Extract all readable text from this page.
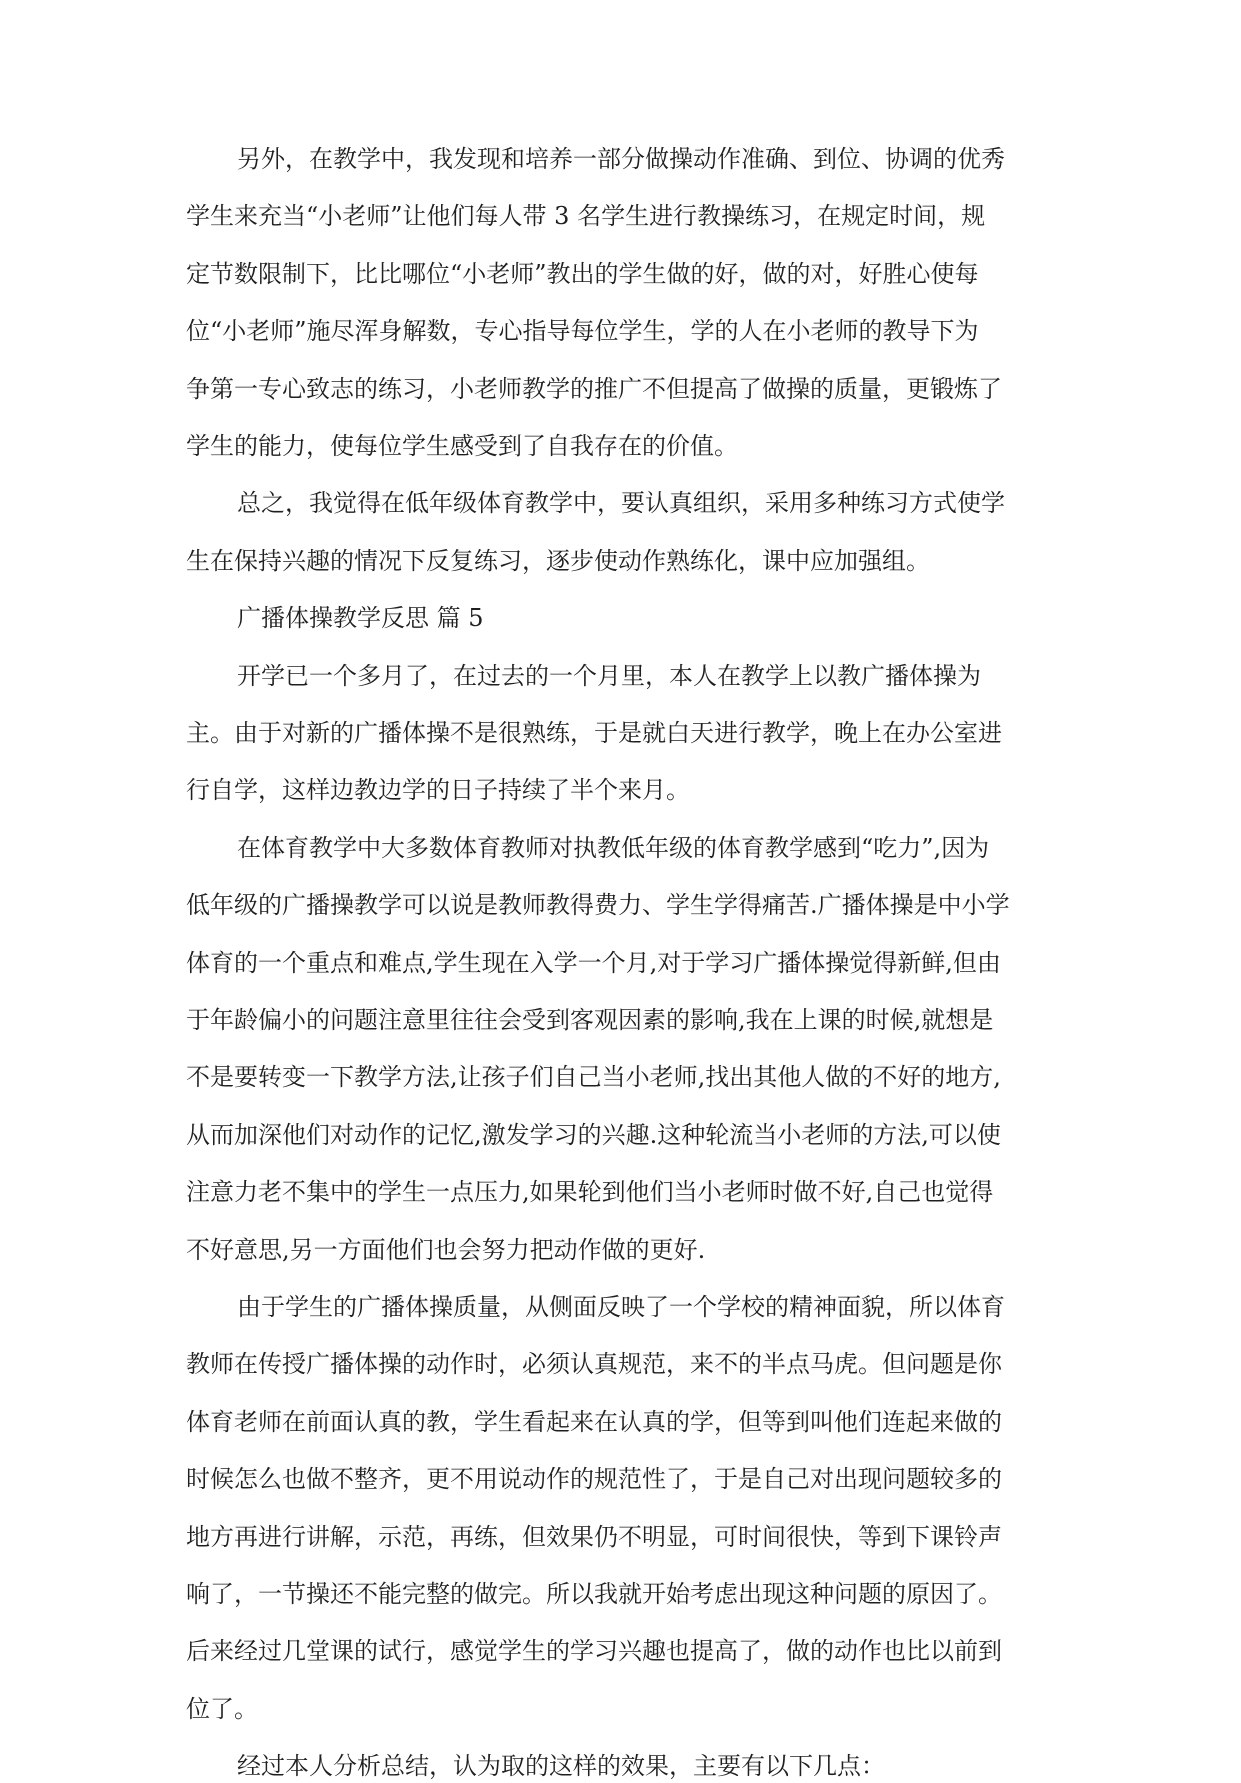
另外，在教学中，我发现和培养一部分做操动作准确、到位、协调的优秀

学生来充当“小老师”让他们每人带 3 名学生进行教操练习，在规定时间，规

定节数限制下，比比哪位“小老师”教出的学生做的好，做的对，好胜心使每

位“小老师”施尽浑身解数，专心指导每位学生，学的人在小老师的教导下为

争第一专心致志的练习，小老师教学的推广不但提高了做操的质量，更锻炼了

学生的能力，使每位学生感受到了自我存在的价值。

总之，我觉得在低年级体育教学中，要认真组织，采用多种练习方式使学

生在保持兴趣的情况下反复练习，逐步使动作熟练化，课中应加强组。

广播体操教学反思 篇 5

开学已一个多月了，在过去的一个月里，本人在教学上以教广播体操为

主。由于对新的广播体操不是很熟练，于是就白天进行教学，晚上在办公室进

行自学，这样边教边学的日子持续了半个来月。

在体育教学中大多数体育教师对执教低年级的体育教学感到“吃力”,因为

低年级的广播操教学可以说是教师教得费力、学生学得痛苦.广播体操是中小学

体育的一个重点和难点,学生现在入学一个月,对于学习广播体操觉得新鲜,但由

于年龄偏小的问题注意里往往会受到客观因素的影响,我在上课的时候,就想是

不是要转变一下教学方法,让孩子们自己当小老师,找出其他人做的不好的地方,

从而加深他们对动作的记忆,激发学习的兴趣.这种轮流当小老师的方法,可以使

注意力老不集中的学生一点压力,如果轮到他们当小老师时做不好,自己也觉得

不好意思,另一方面他们也会努力把动作做的更好.

由于学生的广播体操质量，从侧面反映了一个学校的精神面貌，所以体育

教师在传授广播体操的动作时，必须认真规范，来不的半点马虎。但问题是你

体育老师在前面认真的教，学生看起来在认真的学，但等到叫他们连起来做的

时候怎么也做不整齐，更不用说动作的规范性了，于是自己对出现问题较多的

地方再进行讲解，示范，再练，但效果仍不明显，可时间很快，等到下课铃声

响了，一节操还不能完整的做完。所以我就开始考虑出现这种问题的原因了。

后来经过几堂课的试行，感觉学生的学习兴趣也提高了，做的动作也比以前到

位了。

经过本人分析总结，认为取的这样的效果，主要有以下几点：
